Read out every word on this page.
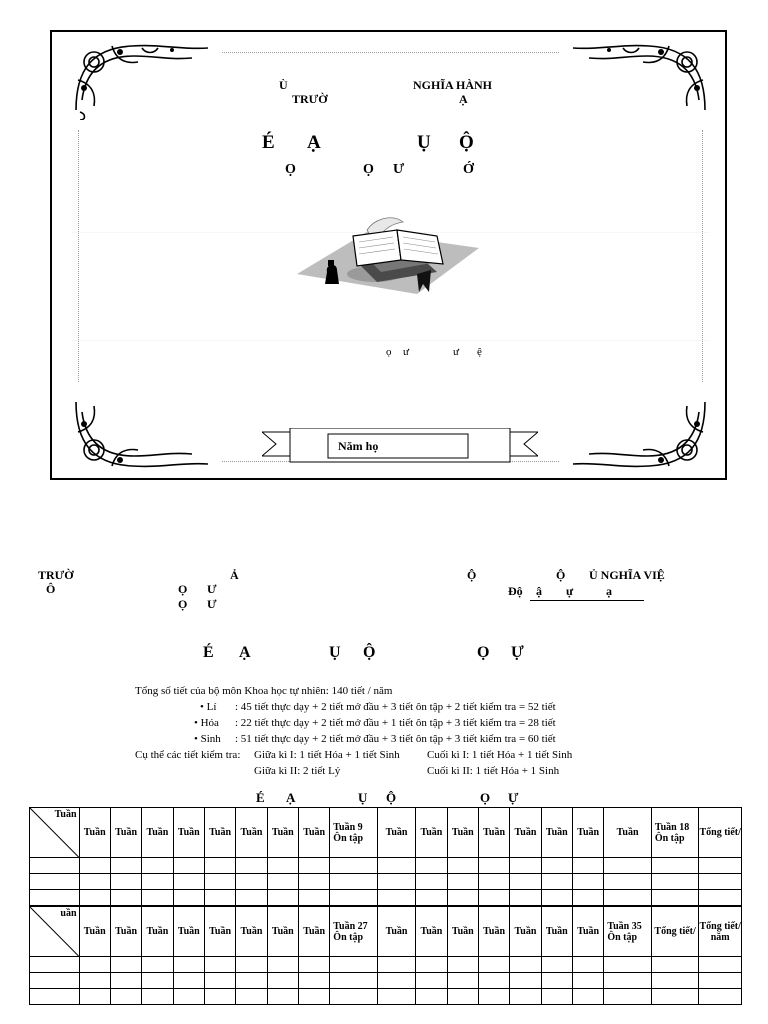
Ù
TRƯỜ
NGHĨA HÀNH
Ạ
É Ạ	Ụ Ộ
Ọ	Ọ Ư	Ớ
ọ ư	ư ệ
Năm họ
TRƯỜ	Ả
Ô	Ọ Ư
Ọ Ư
Ộ	Ộ Ủ NGHĨA VIỆ
Độ ậ ự	ạ
É Ạ	Ụ Ộ	Ọ Ự
Tổng số tiết của bộ môn Khoa học tự nhiên: 140 tiết / năm
• Lí : 45 tiết thực dạy + 2 tiết mở đầu + 3 tiết ôn tập + 2 tiết kiểm tra = 52 tiết
• Hóa : 22 tiết thực dạy + 2 tiết mở đầu + 1 tiết ôn tập + 3 tiết kiểm tra = 28 tiết
• Sinh : 51 tiết thực dạy + 2 tiết mở đầu + 3 tiết ôn tập + 3 tiết kiểm tra = 60 tiết
Cụ thể các tiết kiểm tra: Giữa kì I: 1 tiết Hóa + 1 tiết Sinh Cuối kì I: 1 tiết Hóa + 1 tiết Sinh
Giữa kì II: 2 tiết Lý	Cuối kì II: 1 tiết Hóa + 1 Sinh
É Ạ	Ụ Ộ	Ọ Ự
Tuần	Tuần	Tuần	Tuần	Tuần	Tuần	Tuần	Tuần	Tuần	Tuần 9 Ôn tập	Tuần	Tuần	Tuần	Tuần	Tuần	Tuần	Tuần	Tuần	Tuần 18 Ôn tập	Tổng tiết/

uần	Tuần	Tuần	Tuần	Tuần	Tuần	Tuần	Tuần	Tuần	Tuần 27 Ôn tập	Tuần	Tuần	Tuần	Tuần	Tuần	Tuần	Tuần	Tuần 35 Ôn tập	Tổng tiết/	Tổng tiết/ năm
